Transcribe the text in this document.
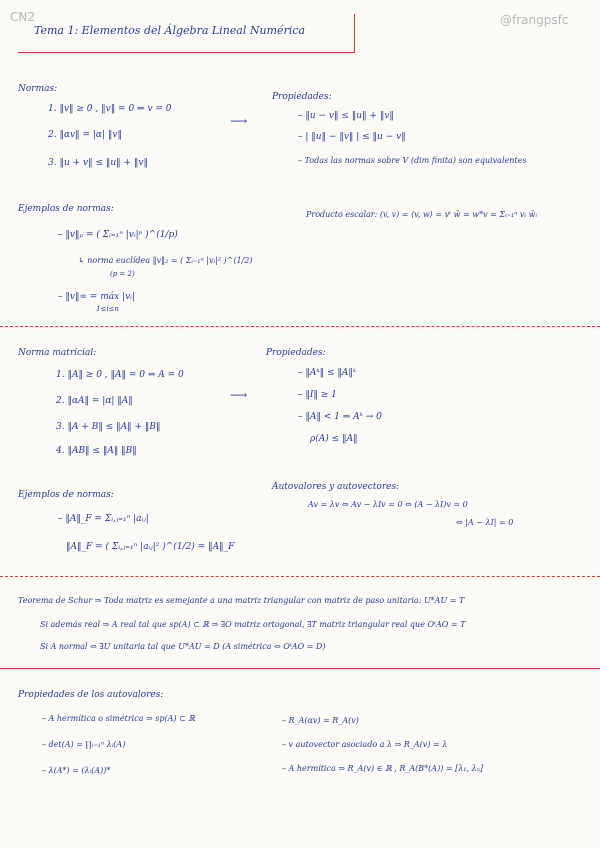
CN2	@frangpsfc
Tema 1: Elementos del Álgebra Lineal Numérica
Normas:
1. ‖v‖ ≥ 0 , ‖v‖ = 0 ⇔ v = 0
2. ‖αv‖ = |α| ‖v‖
3. ‖u + v‖ ≤ ‖u‖ + ‖v‖
⟶
Propiedades:
– ‖u − v‖ ≤ ‖u‖ + ‖v‖
– | ‖u‖ − ‖v‖ | ≤ ‖u − v‖
– Todas las normas sobre V (dim finita) son equivalentes
Ejemplos de normas:
– ‖v‖ₚ = ( Σᵢ₌₁ⁿ |vᵢ|ᵖ )^(1/p)
↳ norma euclídea ‖v‖₂ = ( Σᵢ₌₁ⁿ |vᵢ|² )^(1/2)
(p = 2)
– ‖v‖∞ = máx |vᵢ|
1≤i≤n
Producto escalar: (v, v) = ⟨v, w⟩ = vᵗ w̄ = w*v = Σᵢ₌₁ⁿ vᵢ w̄ᵢ
Norma matricial:
1. ‖A‖ ≥ 0 , ‖A‖ = 0 ⇔ A = 0
2. ‖αA‖ = |α| ‖A‖
3. ‖A + B‖ ≤ ‖A‖ + ‖B‖
4. ‖AB‖ ≤ ‖A‖ ‖B‖
⟶
Propiedades:
– ‖Aᵏ‖ ≤ ‖A‖ᵏ
– ‖I‖ ≥ 1
– ‖A‖ < 1 ⇒ Aᵏ → 0
ρ(A) ≤ ‖A‖
Ejemplos de normas:
– ‖A‖_F = Σᵢ,ⱼ₌₁ⁿ |aᵢⱼ|
‖A‖_F = ( Σᵢ,ⱼ₌₁ⁿ |aᵢⱼ|² )^(1/2) = ‖A‖_F
Autovalores y autovectores:
Av = λv ⇔ Av − λIv = 0 ⇔ (A − λI)v = 0
⇔ |A − λI| = 0
Teorema de Schur ⇒ Toda matriz es semejante a una matriz triangular con matriz de paso unitaria: U*AU = T
Si además real ⇒ A real tal que sp(A) ⊂ ℝ ⇒ ∃O matriz ortogonal, ∃T matriz triangular real que OᵗAO = T
Si A normal ⇔ ∃U unitaria tal que U*AU = D (A simétrica ⇔ OᵗAO = D)
Propiedades de los autovalores:
– A hermítica o simétrica ⇒ sp(A) ⊂ ℝ
– det(A) = ∏ᵢ₌₁ⁿ λᵢ(A)
– λ(A*) = (λᵢ(A))*
– R_A(αv) = R_A(v)
– v autovector asociado a λ ⇒ R_A(v) = λ
– A hermítica ⇒ R_A(v) ∈ ℝ , R_A(B*(A)) = [λ₁, λₙ]
